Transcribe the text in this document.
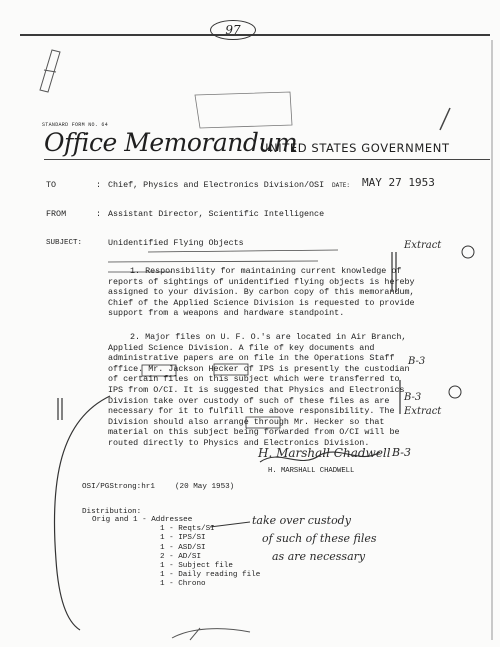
97
STANDARD FORM NO. 64
Office Memorandum
UNITED STATES GOVERNMENT
TO	: Chief, Physics and Electronics Division/OSI DATE: MAY 27 1953
FROM	: Assistant Director, Scientific Intelligence
SUBJECT:	Unidentified Flying Objects
1. Responsibility for maintaining current knowledge of
reports of sightings of unidentified flying objects is hereby
assigned to your division. By carbon copy of this memorandum,
Chief of the Applied Science Division is requested to provide
support from a weapons and hardware standpoint.
2. Major files on U. F. O.'s are located in Air Branch,
Applied Science Division. A file of key documents and
administrative papers are on file in the Operations Staff
office. Mr. Jackson Hecker of IPS is presently the custodian
of certain files on this subject which were transferred to
IPS from O/CI. It is suggested that Physics and Electronics
Division take over custody of such of these files as are
necessary for it to fulfill the above responsibility. The
Division should also arrange through Mr. Hecker so that
material on this subject being forwarded from O/CI will be
routed directly to Physics and Electronics Division.
Extract
B-3
B-3
Extract
H. Marshall Chadwell B-3
H. MARSHALL CHADWELL
OSI/PGStrong:hr1	(20 May 1953)
Distribution:
Orig and 1 - Addressee
1 - Reqts/SI
1 - IPS/SI
1 - ASD/SI
2 - AD/SI
1 - Subject file
1 - Daily reading file
1 - Chrono
take over custody
of such of these files
as are necessary
